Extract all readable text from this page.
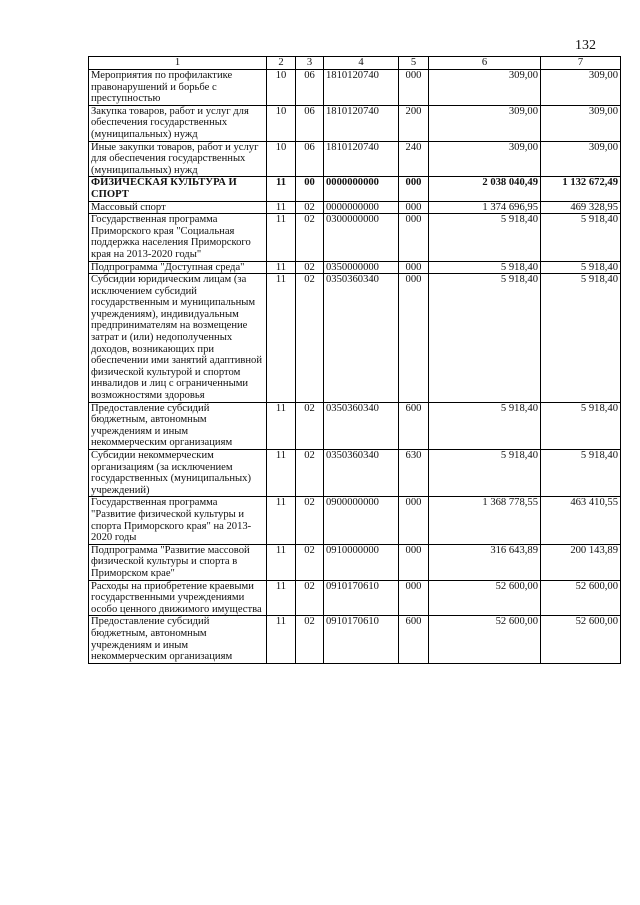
132
1	2	3	4	5	6	7
Мероприятия по профилактике правонарушений и борьбе с преступностью	10	06	1810120740	000	309,00	309,00
Закупка товаров, работ и услуг для обеспечения государственных (муниципальных) нужд	10	06	1810120740	200	309,00	309,00
Иные закупки товаров, работ и услуг для обеспечения государственных (муниципальных) нужд	10	06	1810120740	240	309,00	309,00
ФИЗИЧЕСКАЯ КУЛЬТУРА И СПОРТ	11	00	0000000000	000	2 038 040,49	1 132 672,49
Массовый спорт	11	02	0000000000	000	1 374 696,95	469 328,95
Государственная программа Приморского края "Социальная поддержка населения Приморского края на 2013-2020 годы"	11	02	0300000000	000	5 918,40	5 918,40
Подпрограмма "Доступная среда"	11	02	0350000000	000	5 918,40	5 918,40
Субсидии юридическим лицам (за исключением субсидий государственным и муниципальным учреждениям), индивидуальным предпринимателям на возмещение затрат и (или) недополученных доходов, возникающих при обеспечении ими занятий адаптивной физической культурой и спортом инвалидов и лиц с ограниченными возможностями здоровья	11	02	0350360340	000	5 918,40	5 918,40
Предоставление субсидий бюджетным, автономным учреждениям и иным некоммерческим организациям	11	02	0350360340	600	5 918,40	5 918,40
Субсидии некоммерческим организациям (за исключением государственных (муниципальных) учреждений)	11	02	0350360340	630	5 918,40	5 918,40
Государственная программа "Развитие физической культуры и спорта Приморского края" на 2013-2020 годы	11	02	0900000000	000	1 368 778,55	463 410,55
Подпрограмма "Развитие массовой физической культуры и спорта в Приморском крае"	11	02	0910000000	000	316 643,89	200 143,89
Расходы на приобретение краевыми государственными учреждениями особо ценного движимого имущества	11	02	0910170610	000	52 600,00	52 600,00
Предоставление субсидий бюджетным, автономным учреждениям и иным некоммерческим организациям	11	02	0910170610	600	52 600,00	52 600,00
